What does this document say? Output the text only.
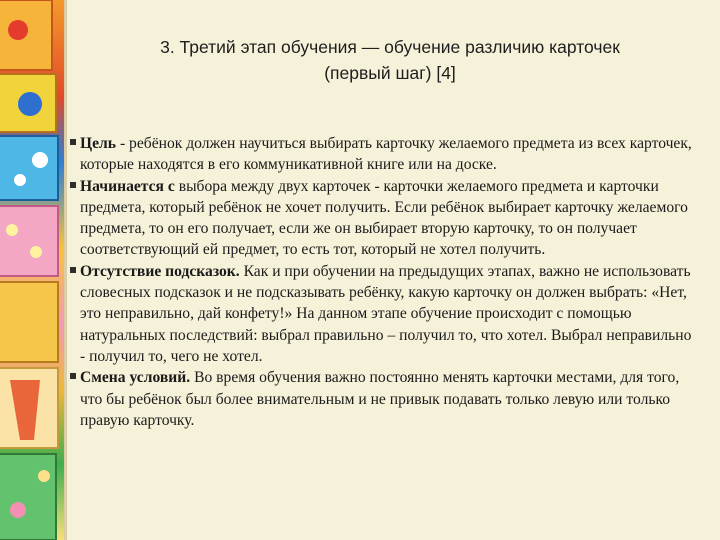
3. Третий этап обучения — обучение различию карточек
(первый шаг) [4]

Цель - ребёнок должен научиться выбирать карточку желаемого предмета из всех карточек, которые находятся в его коммуникативной книге или на доске.

Начинается с выбора между двух карточек - карточки желаемого предмета и карточки предмета, который ребёнок не хочет получить. Если ребёнок выбирает карточку желаемого предмета, то он его получает, если же он выбирает вторую карточку, то он получает соответствующий ей предмет, то есть тот, который не хотел получить.

Отсутствие подсказок. Как и при обучении на предыдущих этапах, важно не использовать словесных подсказок и не подсказывать ребёнку, какую карточку он должен выбрать: «Нет, это неправильно, дай конфету!» На данном этапе обучение происходит с помощью натуральных последствий: выбрал правильно – получил то, что хотел. Выбрал неправильно - получил то, чего не хотел.

Смена условий. Во время обучения важно постоянно менять карточки местами, для того, что бы ребёнок был более внимательным и не привык подавать только левую или только правую карточку.
